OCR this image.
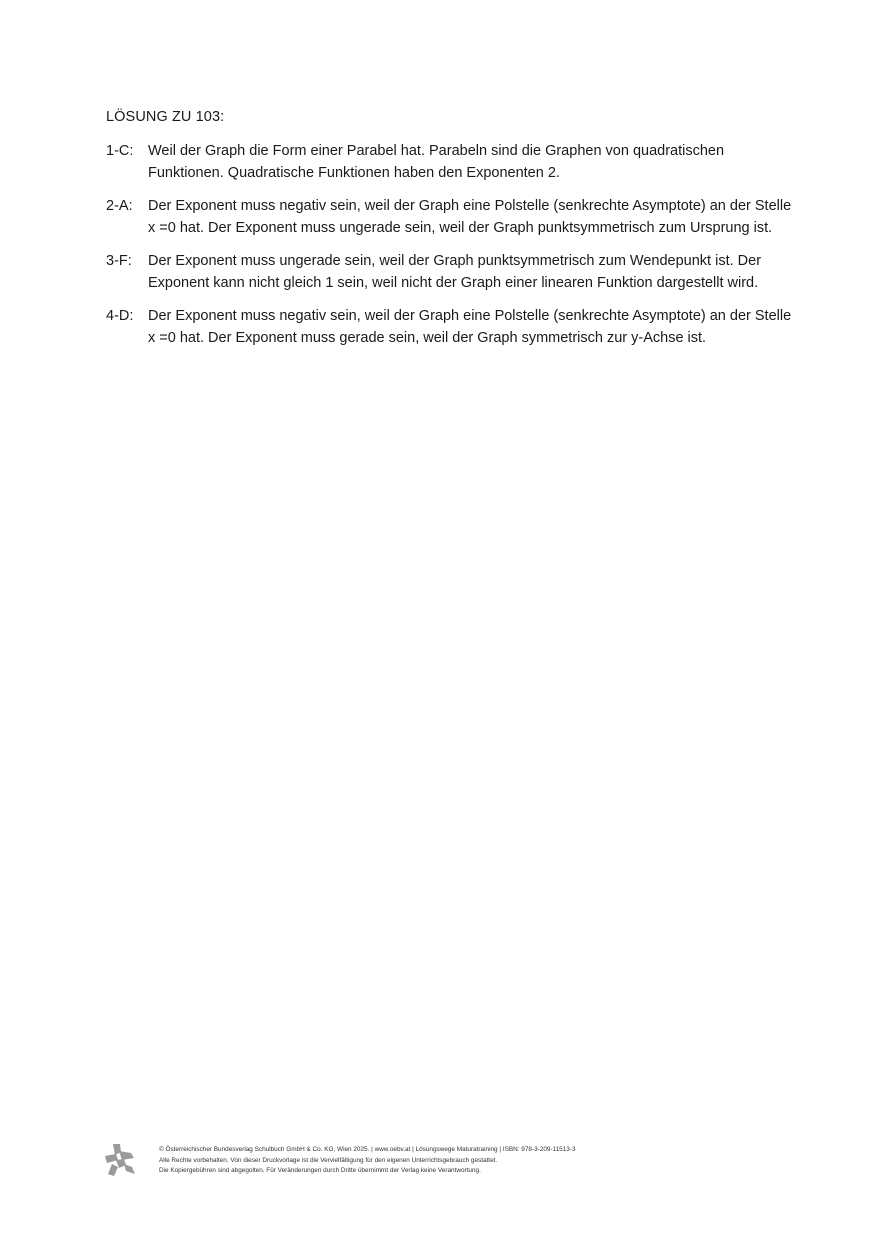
LÖSUNG ZU 103:
1-C:	Weil der Graph die Form einer Parabel hat. Parabeln sind die Graphen von quadratischen Funktionen. Quadratische Funktionen haben den Exponenten 2.
2-A:	Der Exponent muss negativ sein, weil der Graph eine Polstelle (senkrechte Asymptote) an der Stelle x =0 hat. Der Exponent muss ungerade sein, weil der Graph punktsymmetrisch zum Ursprung ist.
3-F:	Der Exponent muss ungerade sein, weil der Graph punktsymmetrisch zum Wendepunkt ist. Der Exponent kann nicht gleich 1 sein, weil nicht der Graph einer linearen Funktion dargestellt wird.
4-D:	Der Exponent muss negativ sein, weil der Graph eine Polstelle (senkrechte Asymptote) an der Stelle x =0 hat. Der Exponent muss gerade sein, weil der Graph symmetrisch zur y-Achse ist.
© Österreichischer Bundesverlag Schulbuch GmbH & Co. KG, Wien 2025. | www.oebv.at | Lösungswege Maturatraining | ISBN: 978-3-209-11513-3
Alle Rechte vorbehalten. Von dieser Druckvorlage ist die Vervielfältigung für den eigenen Unterrichtsgebrauch gestattet.
Die Kopiergebühren sind abgegolten. Für Veränderungen durch Dritte übernimmt der Verlag keine Verantwortung.
